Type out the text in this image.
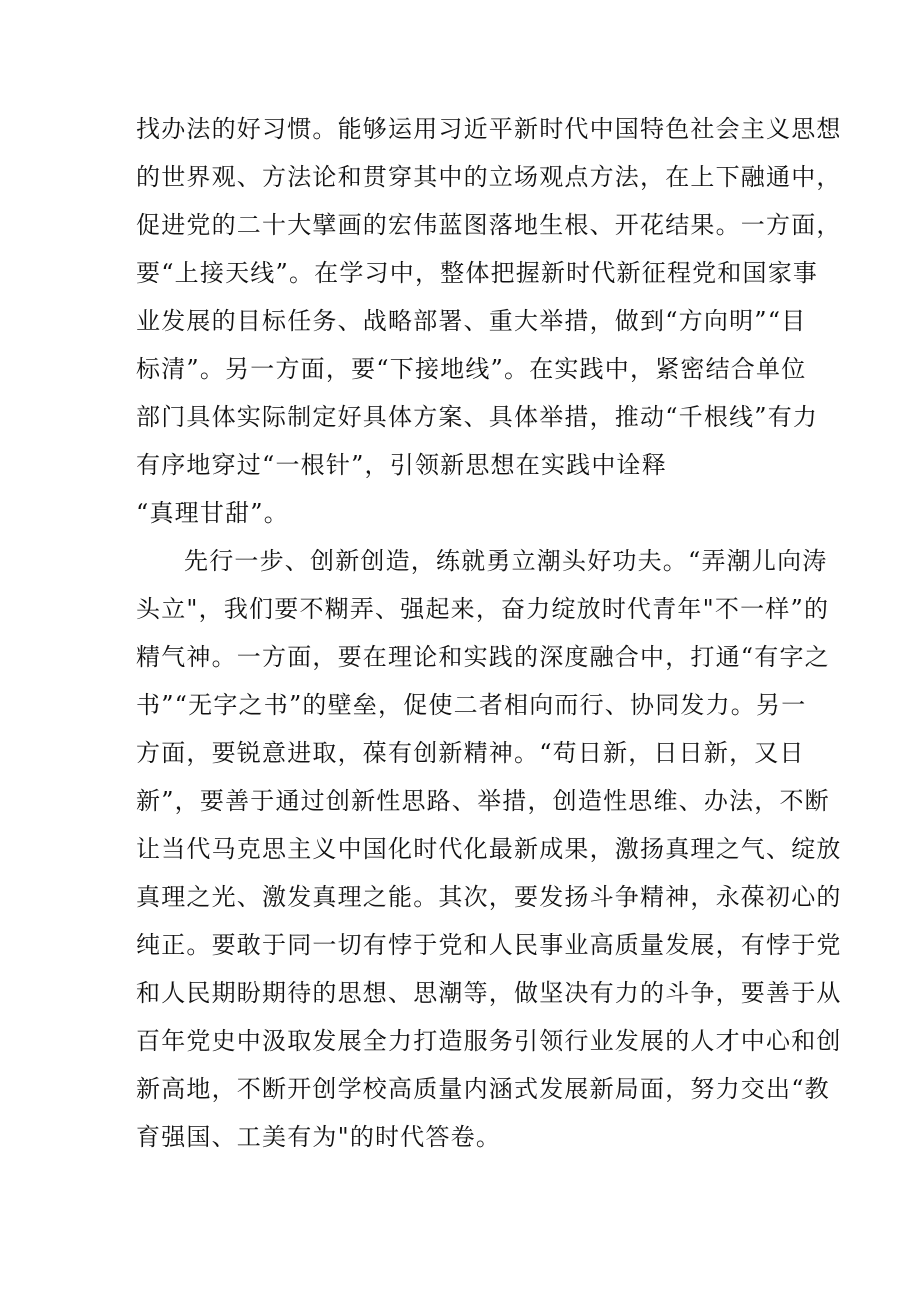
找办法的好习惯。能够运用习近平新时代中国特色社会主义思想
的世界观、方法论和贯穿其中的立场观点方法，在上下融通中，
促进党的二十大擘画的宏伟蓝图落地生根、开花结果。一方面，
要“上接天线”。在学习中，整体把握新时代新征程党和国家事
业发展的目标任务、战略部署、重大举措，做到“方向明”“目
标清”。另一方面，要“下接地线”。在实践中，紧密结合单位
部门具体实际制定好具体方案、具体举措，推动“千根线”有力
有序地穿过“一根针”，引领新思想在实践中诠释
“真理甘甜”。
先行一步、创新创造，练就勇立潮头好功夫。“弄潮儿向涛
头立"，我们要不糊弄、强起来，奋力绽放时代青年"不一样”的
精气神。一方面，要在理论和实践的深度融合中，打通“有字之
书”“无字之书”的壁垒，促使二者相向而行、协同发力。另一
方面，要锐意进取，葆有创新精神。“苟日新，日日新，又日
新”，要善于通过创新性思路、举措，创造性思维、办法，不断
让当代马克思主义中国化时代化最新成果，激扬真理之气、绽放
真理之光、激发真理之能。其次，要发扬斗争精神，永葆初心的
纯正。要敢于同一切有悖于党和人民事业高质量发展，有悖于党
和人民期盼期待的思想、思潮等，做坚决有力的斗争，要善于从
百年党史中汲取发展全力打造服务引领行业发展的人才中心和创
新高地，不断开创学校高质量内涵式发展新局面，努力交出“教
育强国、工美有为"的时代答卷。
